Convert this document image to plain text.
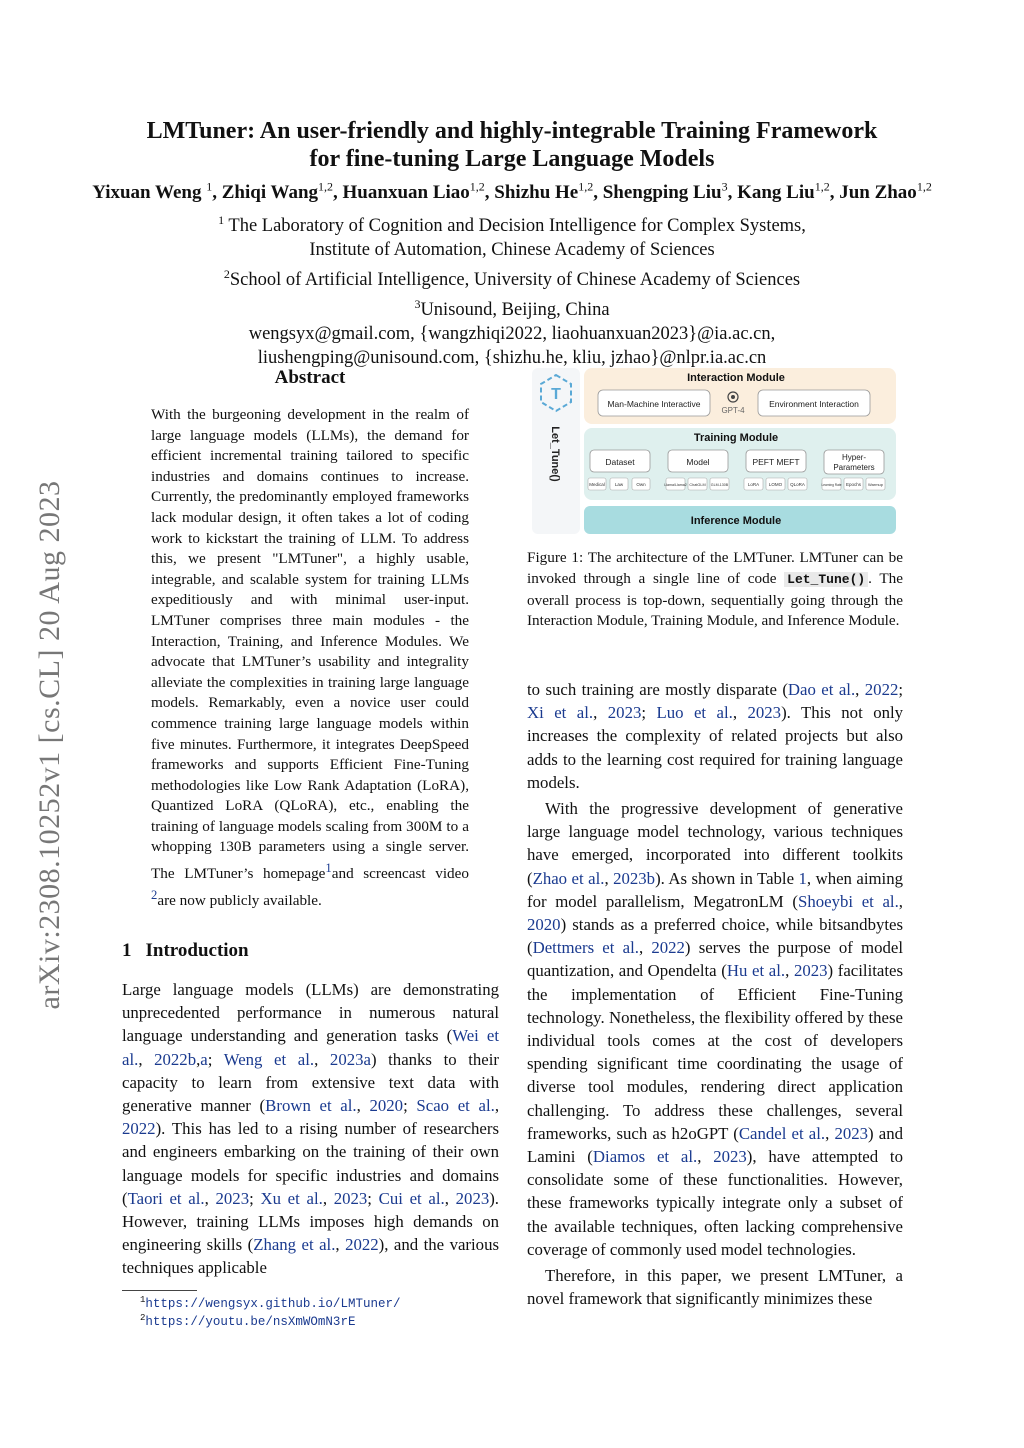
arXiv:2308.10252v1 [cs.CL] 20 Aug 2023
LMTuner: An user-friendly and highly-integrable Training Framework
for fine-tuning Large Language Models
Yixuan Weng $^1$, Zhiqi Wang$^{1,2}$, Huanxuan Liao$^{1,2}$, Shizhu He$^{1,2}$, Shengping Liu$^3$, Kang Liu$^{1,2}$, Jun Zhao$^{1,2}$
$^1$ The Laboratory of Cognition and Decision Intelligence for Complex Systems,
Institute of Automation, Chinese Academy of Sciences
$^2$School of Artificial Intelligence, University of Chinese Academy of Sciences
$^3$Unisound, Beijing, China
wengsyx@gmail.com, {wangzhiqi2022, liaohuanxuan2023}@ia.ac.cn,
liushengping@unisound.com, {shizhu.he, kliu, jzhao}@nlpr.ia.ac.cn
Abstract
With the burgeoning development in the realm of large language models (LLMs), the demand for efficient incremental training tailored to specific industries and domains continues to increase. Currently, the predominantly employed frameworks lack modular design, it often takes a lot of coding work to kickstart the training of LLM. To address this, we present "LMTuner", a highly usable, integrable, and scalable system for training LLMs expeditiously and with minimal user-input. LMTuner comprises three main modules - the Interaction, Training, and Inference Modules. We advocate that LMTuner’s usability and integrality alleviate the complexities in training large language models. Remarkably, even a novice user could commence training large language models within five minutes. Furthermore, it integrates DeepSpeed frameworks and supports Efficient Fine-Tuning methodologies like Low Rank Adaptation (LoRA), Quantized LoRA (QLoRA), etc., enabling the training of language models scaling from 300M to a whopping 130B parameters using a single server. The LMTuner’s homepage$^1$and screencast video $^2$are now publicly available.
1 Introduction
Large language models (LLMs) are demonstrating unprecedented performance in numerous natural language understanding and generation tasks (Wei et al., 2022b,a; Weng et al., 2023a) thanks to their capacity to learn from extensive text data with generative manner (Brown et al., 2020; Scao et al., 2022). This has led to a rising number of researchers and engineers embarking on the training of their own language models for specific industries and domains (Taori et al., 2023; Xu et al., 2023; Cui et al., 2023). However, training LLMs imposes high demands on engineering skills (Zhang et al., 2022), and the various techniques applicable
$^1$https://wengsyx.github.io/LMTuner/
$^2$https://youtu.be/nsXmWOmN3rE
T
Let_Tune()
Interaction Module
Man-Machine Interactive
GPT-4
Environment Interaction
Training Module
Dataset
Medical Law	Own
Model
Llama/Llama2 ChatGLM GLM-130B
PEFT MEFT
LoRA LOMO QLoRA
Hyper-
Parameters
Learning Rate Epochs Warmup
Inference Module
Figure 1: The architecture of the LMTuner. LMTuner can be invoked through a single line of code Let_Tune() . The overall process is top-down, sequentially going through the Interaction Module, Training Module, and Inference Module.

to such training are mostly disparate (Dao et al., 2022; Xi et al., 2023; Luo et al., 2023). This not only increases the complexity of related projects but also adds to the learning cost required for training language models.

With the progressive development of generative large language model technology, various techniques have emerged, incorporated into different toolkits (Zhao et al., 2023b). As shown in Table 1, when aiming for model parallelism, MegatronLM (Shoeybi et al., 2020) stands as a preferred choice, while bitsandbytes (Dettmers et al., 2022) serves the purpose of model quantization, and Opendelta (Hu et al., 2023) facilitates the implementation of Efficient Fine-Tuning technology. Nonetheless, the flexibility offered by these individual tools comes at the cost of developers spending significant time coordinating the usage of diverse tool modules, rendering direct application challenging. To address these challenges, several frameworks, such as h2oGPT (Candel et al., 2023) and Lamini (Diamos et al., 2023), have attempted to consolidate some of these functionalities. However, these frameworks typically integrate only a subset of the available techniques, often lacking comprehensive coverage of commonly used model technologies.

Therefore, in this paper, we present LMTuner, a novel framework that significantly minimizes these
